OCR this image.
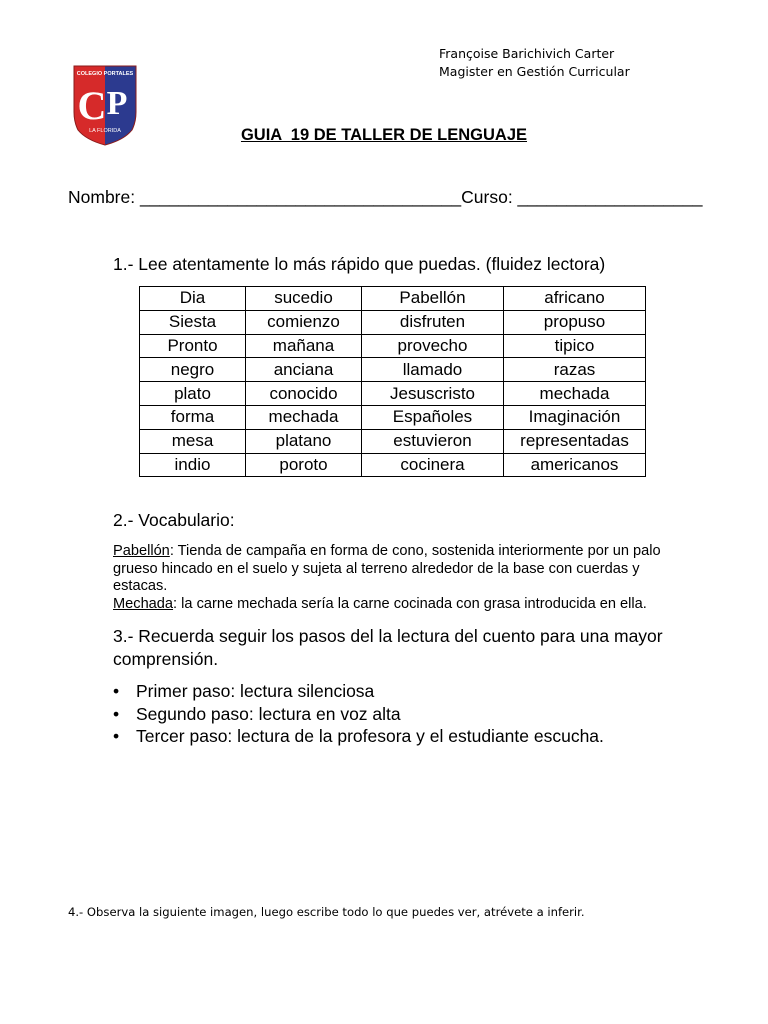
Françoise Barichivich Carter
Magister en Gestión Curricular
COLEGIO PORTALES
C P
LA FLORIDA	GUIA  19 DE TALLER DE LENGUAJE
Nombre: _________________________________Curso: ___________________
1.- Lee atentamente lo más rápido que puedas. (fluidez lectora)
Dia	sucedio	Pabellón	africano
Siesta	comienzo	disfruten	propuso
Pronto	mañana	provecho	tipico
negro	anciana	llamado	razas
plato	conocido	Jesuscristo	mechada
forma	mechada	Españoles	Imaginación
mesa	platano	estuvieron	representadas
indio	poroto	cocinera	americanos
2.- Vocabulario:

Pabellón: Tienda de campaña en forma de cono, sostenida interiormente por un palo grueso hincado en el suelo y sujeta al terreno alrededor de la base con cuerdas y estacas.

Mechada: la carne mechada sería la carne cocinada con grasa introducida en ella.

3.- Recuerda seguir los pasos del la lectura del cuento para una mayor comprensión.
• Primer paso: lectura silenciosa
• Segundo paso: lectura en voz alta
• Tercer paso: lectura de la profesora y el estudiante escucha.
4.- Observa la siguiente imagen, luego escribe todo lo que puedes ver, atrévete a inferir.
